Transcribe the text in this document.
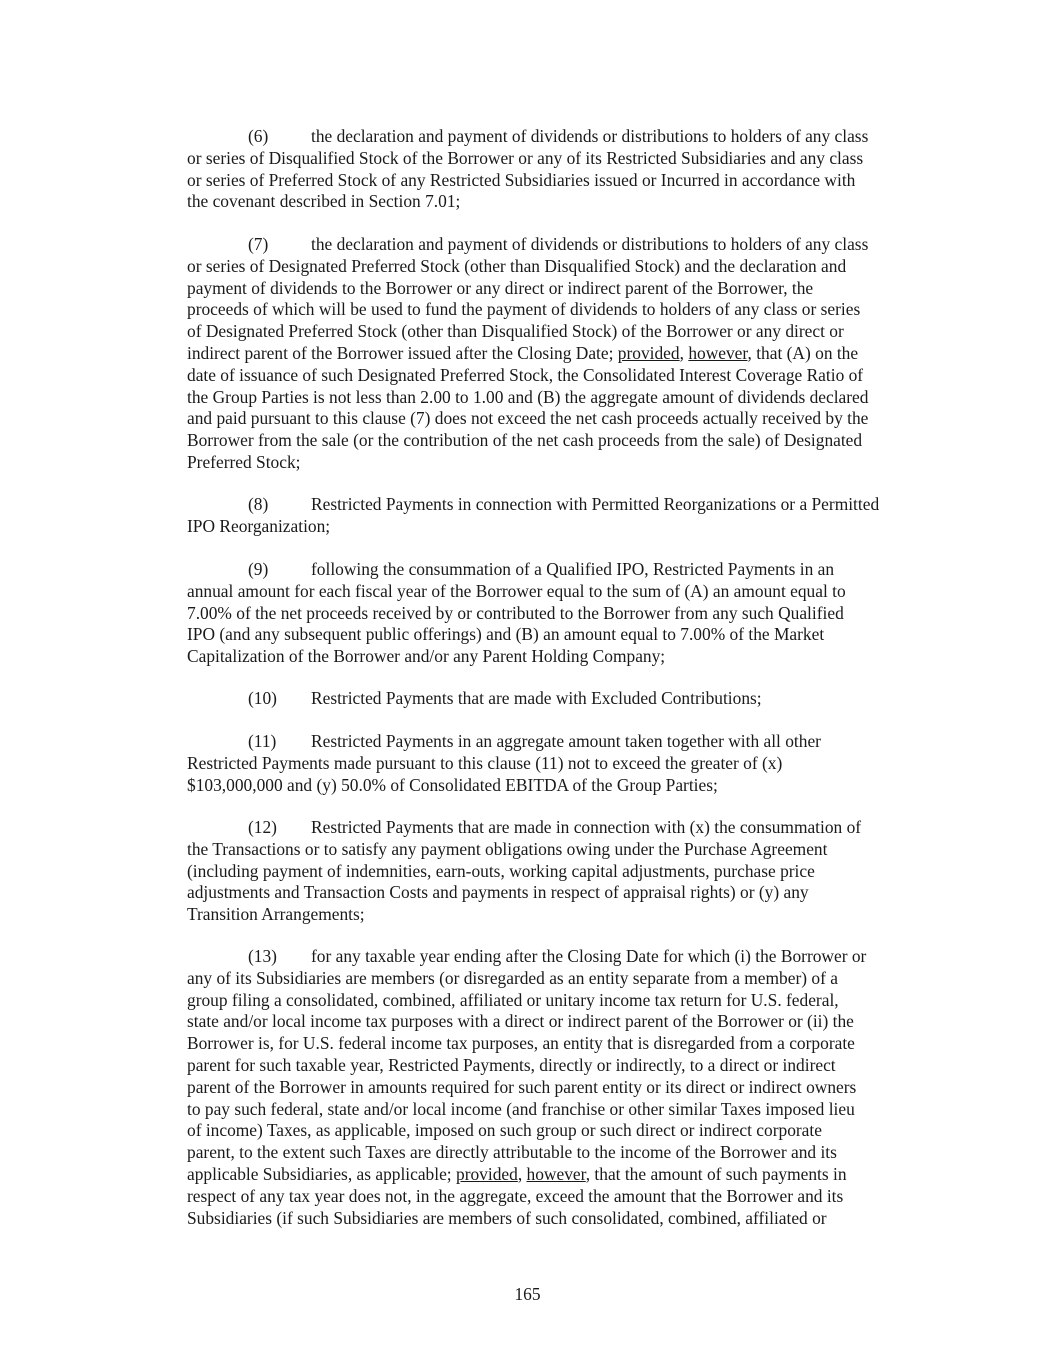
(6) the declaration and payment of dividends or distributions to holders of any class
or series of Disqualified Stock of the Borrower or any of its Restricted Subsidiaries and any class
or series of Preferred Stock of any Restricted Subsidiaries issued or Incurred in accordance with
the covenant described in Section 7.01;
(7) the declaration and payment of dividends or distributions to holders of any class
or series of Designated Preferred Stock (other than Disqualified Stock) and the declaration and
payment of dividends to the Borrower or any direct or indirect parent of the Borrower, the
proceeds of which will be used to fund the payment of dividends to holders of any class or series
of Designated Preferred Stock (other than Disqualified Stock) of the Borrower or any direct or
indirect parent of the Borrower issued after the Closing Date; provided, however, that (A) on the
date of issuance of such Designated Preferred Stock, the Consolidated Interest Coverage Ratio of
the Group Parties is not less than 2.00 to 1.00 and (B) the aggregate amount of dividends declared
and paid pursuant to this clause (7) does not exceed the net cash proceeds actually received by the
Borrower from the sale (or the contribution of the net cash proceeds from the sale) of Designated
Preferred Stock;
(8) Restricted Payments in connection with Permitted Reorganizations or a Permitted
IPO Reorganization;
(9) following the consummation of a Qualified IPO, Restricted Payments in an
annual amount for each fiscal year of the Borrower equal to the sum of (A) an amount equal to
7.00% of the net proceeds received by or contributed to the Borrower from any such Qualified
IPO (and any subsequent public offerings) and (B) an amount equal to 7.00% of the Market
Capitalization of the Borrower and/or any Parent Holding Company;
(10) Restricted Payments that are made with Excluded Contributions;
(11) Restricted Payments in an aggregate amount taken together with all other
Restricted Payments made pursuant to this clause (11) not to exceed the greater of (x)
$103,000,000 and (y) 50.0% of Consolidated EBITDA of the Group Parties;
(12) Restricted Payments that are made in connection with (x) the consummation of
the Transactions or to satisfy any payment obligations owing under the Purchase Agreement
(including payment of indemnities, earn-outs, working capital adjustments, purchase price
adjustments and Transaction Costs and payments in respect of appraisal rights) or (y) any
Transition Arrangements;
(13) for any taxable year ending after the Closing Date for which (i) the Borrower or
any of its Subsidiaries are members (or disregarded as an entity separate from a member) of a
group filing a consolidated, combined, affiliated or unitary income tax return for U.S. federal,
state and/or local income tax purposes with a direct or indirect parent of the Borrower or (ii) the
Borrower is, for U.S. federal income tax purposes, an entity that is disregarded from a corporate
parent for such taxable year, Restricted Payments, directly or indirectly, to a direct or indirect
parent of the Borrower in amounts required for such parent entity or its direct or indirect owners
to pay such federal, state and/or local income (and franchise or other similar Taxes imposed lieu
of income) Taxes, as applicable, imposed on such group or such direct or indirect corporate
parent, to the extent such Taxes are directly attributable to the income of the Borrower and its
applicable Subsidiaries, as applicable; provided, however, that the amount of such payments in
respect of any tax year does not, in the aggregate, exceed the amount that the Borrower and its
Subsidiaries (if such Subsidiaries are members of such consolidated, combined, affiliated or
165
